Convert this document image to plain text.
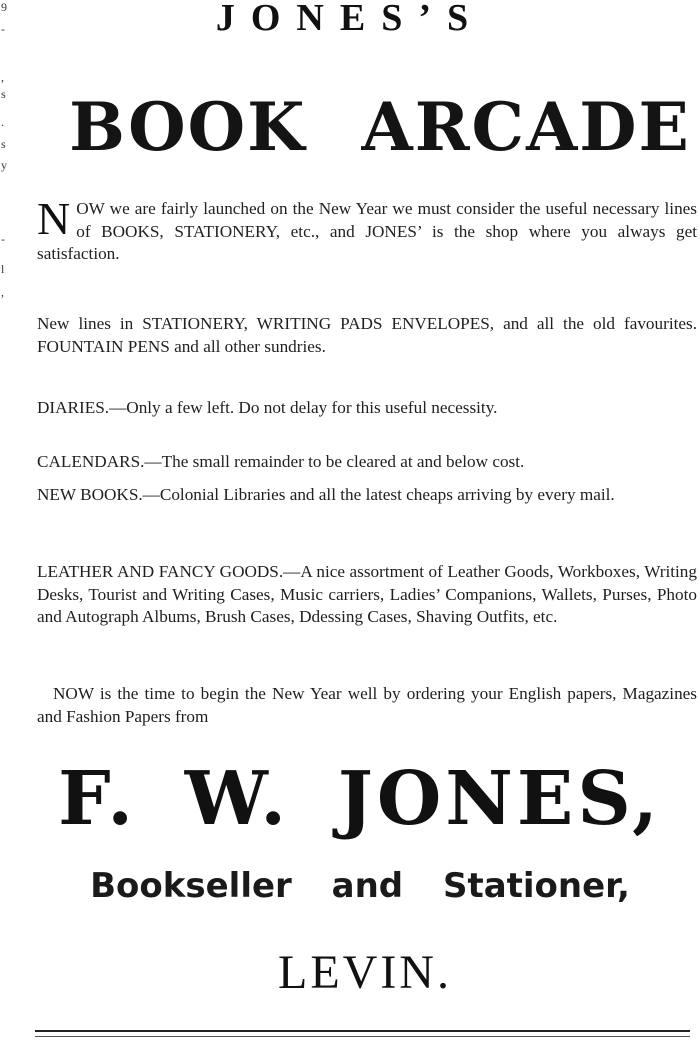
9
-
,
s
.
s
y
-
l
,
JONES’S
BOOK ARCADE
NOW we are fairly launched on the New Year we must consider the useful necessary lines of BOOKS, STATIONERY, etc., and JONES’ is the shop where you always get satisfaction.
New lines in STATIONERY, WRITING PADS ENVELOPES, and all the old favourites. FOUNTAIN PENS and all other sundries.
DIARIES.—Only a few left. Do not delay for this useful necessity.
CALENDARS.—The small remainder to be cleared at and below cost.
NEW BOOKS.—Colonial Libraries and all the latest cheaps arriving by every mail.
LEATHER AND FANCY GOODS.—A nice assortment of Leather Goods, Workboxes, Writing Desks, Tourist and Writing Cases, Music carriers, Ladies’ Companions, Wallets, Purses, Photo and Autograph Albums, Brush Cases, Ddessing Cases, Shaving Outfits, etc.
NOW is the time to begin the New Year well by ordering your English papers, Magazines and Fashion Papers from
F. W. JONES,
Bookseller and Stationer,
LEVIN.
